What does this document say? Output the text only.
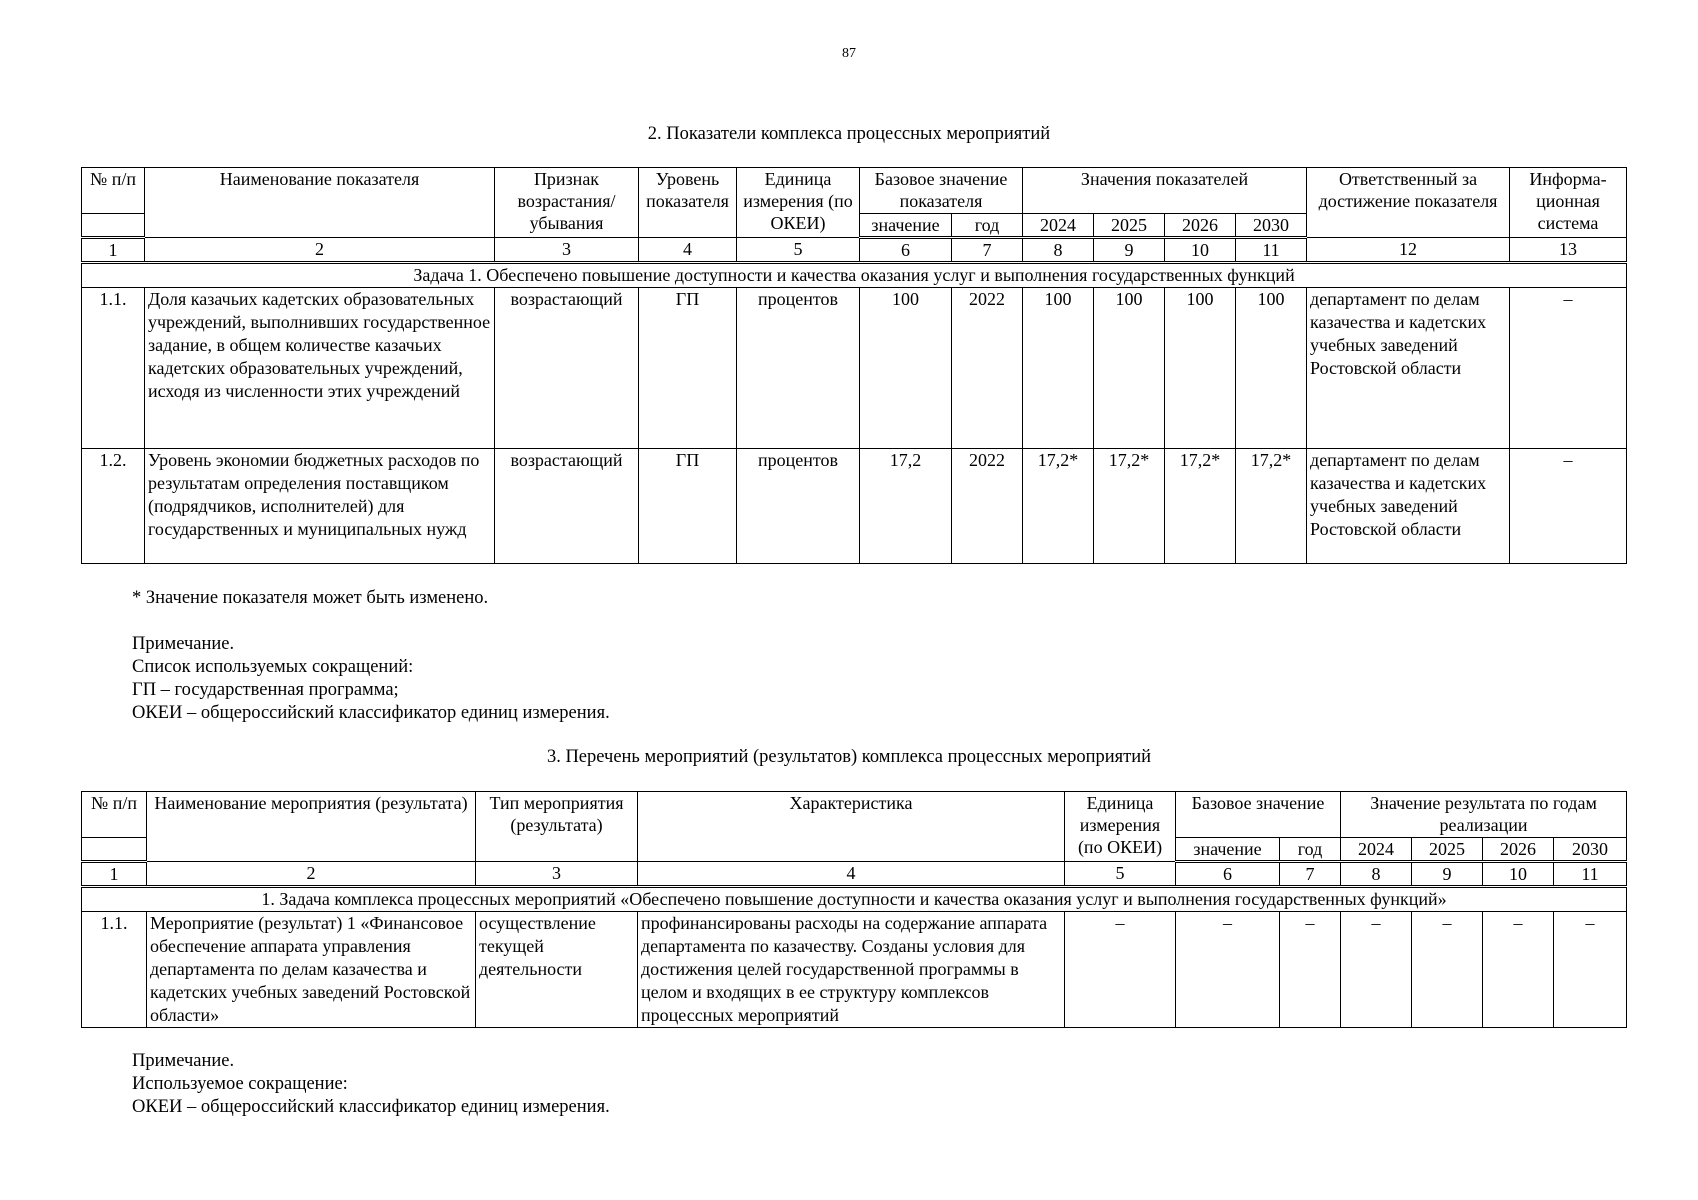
87
2. Показатели комплекса процессных мероприятий
№ п/п	Наименование показателя	Признак возрастания/ убывания	Уровень показателя	Единица измерения (по ОКЕИ)	Базовое значение показателя		Значения показателей				Ответственный за достижение показателя	Информа-ционная система

					значение	год	2024	2025	2026	2030		
1	2	3	4	5	6	7	8	9	10	11	12	13
Задача 1. Обеспечено повышение доступности и качества оказания услуг и выполнения государственных функций												
1.1.	Доля казачьих кадетских образовательных учреждений, выполнивших государственное задание, в общем количестве казачьих кадетских образовательных учреждений, исходя из численности этих учреждений	возрастающий	ГП	процентов	100	2022	100	100	100	100	департамент по делам казачества и кадетских учебных заведений Ростовской области	–
1.2.	Уровень экономии бюджетных расходов по результатам определения поставщиком (подрядчиков, исполнителей) для государственных и муниципальных нужд	возрастающий	ГП	процентов	17,2	2022	17,2*	17,2*	17,2*	17,2*	департамент по делам казачества и кадетских учебных заведений Ростовской области	–
* Значение показателя может быть изменено.
Примечание.
Список используемых сокращений:
ГП – государственная программа;
ОКЕИ – общероссийский классификатор единиц измерения.
3. Перечень мероприятий (результатов) комплекса процессных мероприятий
№ п/п	Наименование мероприятия (результата)	Тип мероприятия (результата)	Характеристика	Единица измерения (по ОКЕИ)	Базовое значение		Значение результата по годам реализации			

					значение	год	2024	2025	2026	2030
1	2	3	4	5	6	7	8	9	10	11
1. Задача комплекса процессных мероприятий «Обеспечено повышение доступности и качества оказания услуг и выполнения государственных функций»										
1.1.	Мероприятие (результат) 1 «Финансовое обеспечение аппарата управления департамента по делам казачества и кадетских учебных заведений Ростовской области»	осуществление текущей деятельности	профинансированы расходы на содержание аппарата департамента по казачеству. Созданы условия для достижения целей государственной программы в целом и входящих в ее структуру комплексов процессных мероприятий	–	–	–	–	–	–	–
Примечание.
Используемое сокращение:
ОКЕИ – общероссийский классификатор единиц измерения.
